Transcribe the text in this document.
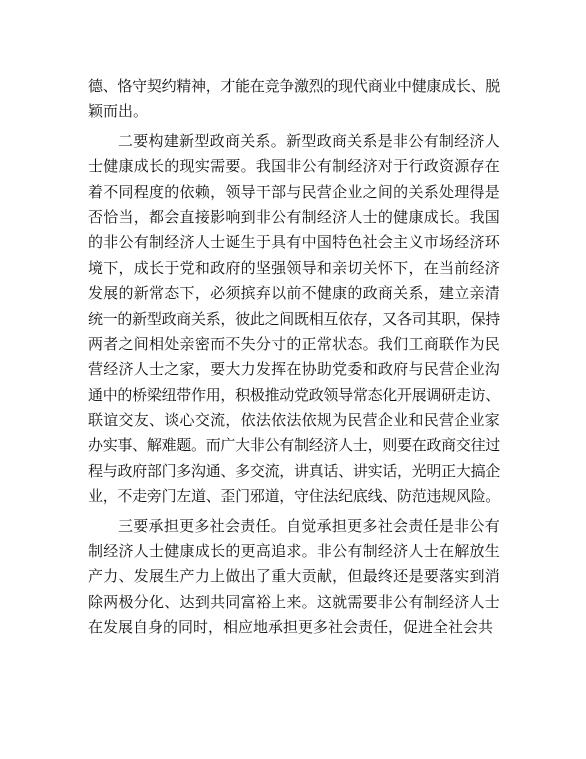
德、恪守契约精神，才能在竞争激烈的现代商业中健康成长、脱
颖而出。
二要构建新型政商关系。新型政商关系是非公有制经济人
士健康成长的现实需要。我国非公有制经济对于行政资源存在
着不同程度的依赖，领导干部与民营企业之间的关系处理得是
否恰当，都会直接影响到非公有制经济人士的健康成长。我国
的非公有制经济人士诞生于具有中国特色社会主义市场经济环
境下，成长于党和政府的坚强领导和亲切关怀下，在当前经济
发展的新常态下，必须摈弃以前不健康的政商关系，建立亲清
统一的新型政商关系，彼此之间既相互依存，又各司其职，保持
两者之间相处亲密而不失分寸的正常状态。我们工商联作为民
营经济人士之家，要大力发挥在协助党委和政府与民营企业沟
通中的桥梁纽带作用，积极推动党政领导常态化开展调研走访、
联谊交友、谈心交流，依法依法依规为民营企业和民营企业家
办实事、解难题。而广大非公有制经济人士，则要在政商交往过
程与政府部门多沟通、多交流，讲真话、讲实话，光明正大搞企
业，不走旁门左道、歪门邪道，守住法纪底线、防范违规风险。
三要承担更多社会责任。自觉承担更多社会责任是非公有
制经济人士健康成长的更高追求。非公有制经济人士在解放生
产力、发展生产力上做出了重大贡献，但最终还是要落实到消
除两极分化、达到共同富裕上来。这就需要非公有制经济人士
在发展自身的同时，相应地承担更多社会责任，促进全社会共
